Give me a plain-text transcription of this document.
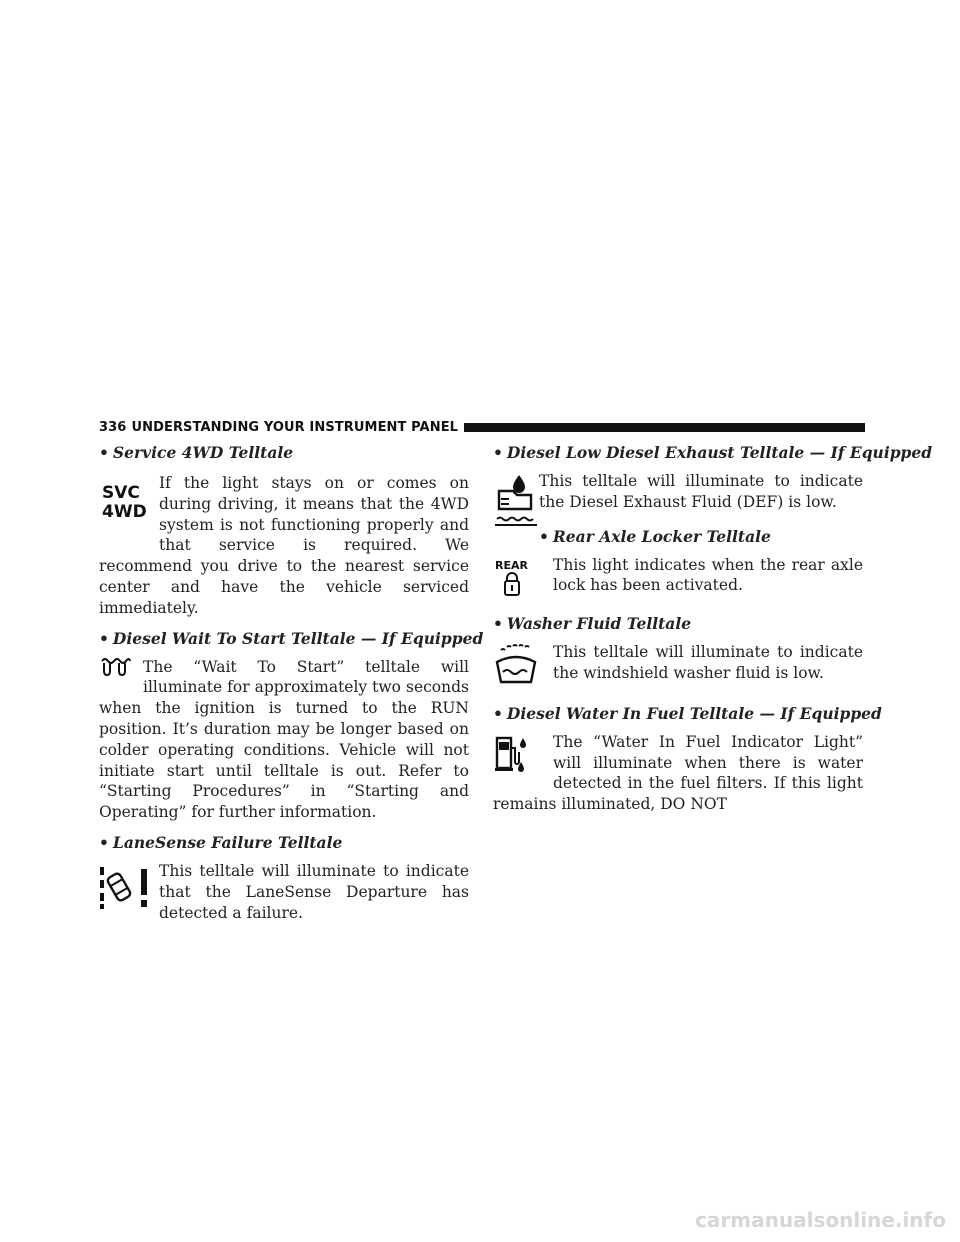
336 UNDERSTANDING YOUR INSTRUMENT PANEL
• Service 4WD Telltale
SVC
4WD
If the light stays on or comes on during driving, it means that the 4WD system is not functioning properly and that service is required. We recommend you drive to the nearest service center and have the vehicle serviced immediately.
• Diesel Wait To Start Telltale — If Equipped
The “Wait To Start” telltale will illuminate for approximately two seconds when the ignition is turned to the RUN position. It’s duration may be longer based on colder operating conditions. Vehicle will not initiate start until telltale is out. Refer to “Starting Procedures” in “Starting and Operating” for further information.
• LaneSense Failure Telltale
This telltale will illuminate to indicate that the LaneSense Departure has detected a failure.
• Diesel Low Diesel Exhaust Telltale — If Equipped
This telltale will illuminate to indicate the Diesel Exhaust Fluid (DEF) is low.
• Rear Axle Locker Telltale
REAR This light indicates when the rear axle lock has been activated.
• Washer Fluid Telltale
This telltale will illuminate to indicate the windshield washer fluid is low.
• Diesel Water In Fuel Telltale — If Equipped
The “Water In Fuel Indicator Light” will illuminate when there is water detected in the fuel filters. If this light remains illuminated, DO NOT
carmanualsonline.info
